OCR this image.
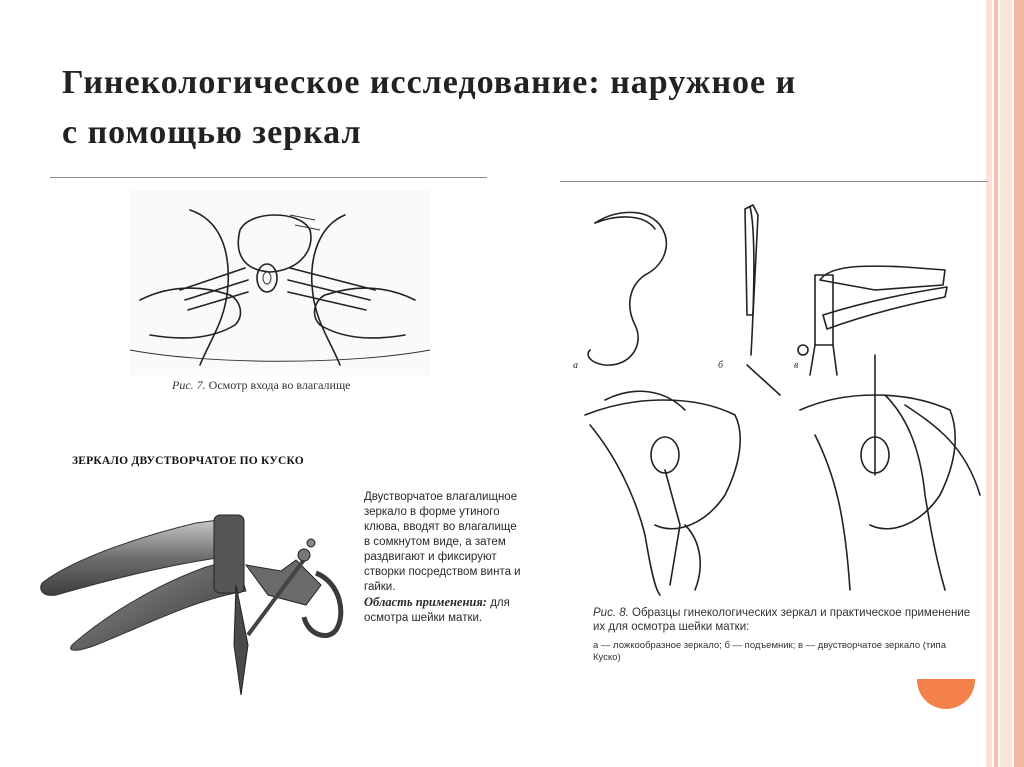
Гинекологическое исследование: наружное и
с помощью зеркал
Рис. 7. Осмотр входа во влагалище
ЗЕРКАЛО ДВУСТВОРЧАТОЕ ПО КУСКО
Двустворчатое влагалищное зеркало в форме утиного клюва, вводят во влагалище в сомкнутом виде, а затем раздвигают и фиксируют створки посредством винта и гайки.
Область применения: для осмотра шейки матки.
а	б	в
Рис. 8. Образцы гинекологических зеркал и практическое применение их для осмотра шейки матки:
а — ложкообразное зеркало; б — подъемник; в — двустворчатое зеркало (типа Куско)
